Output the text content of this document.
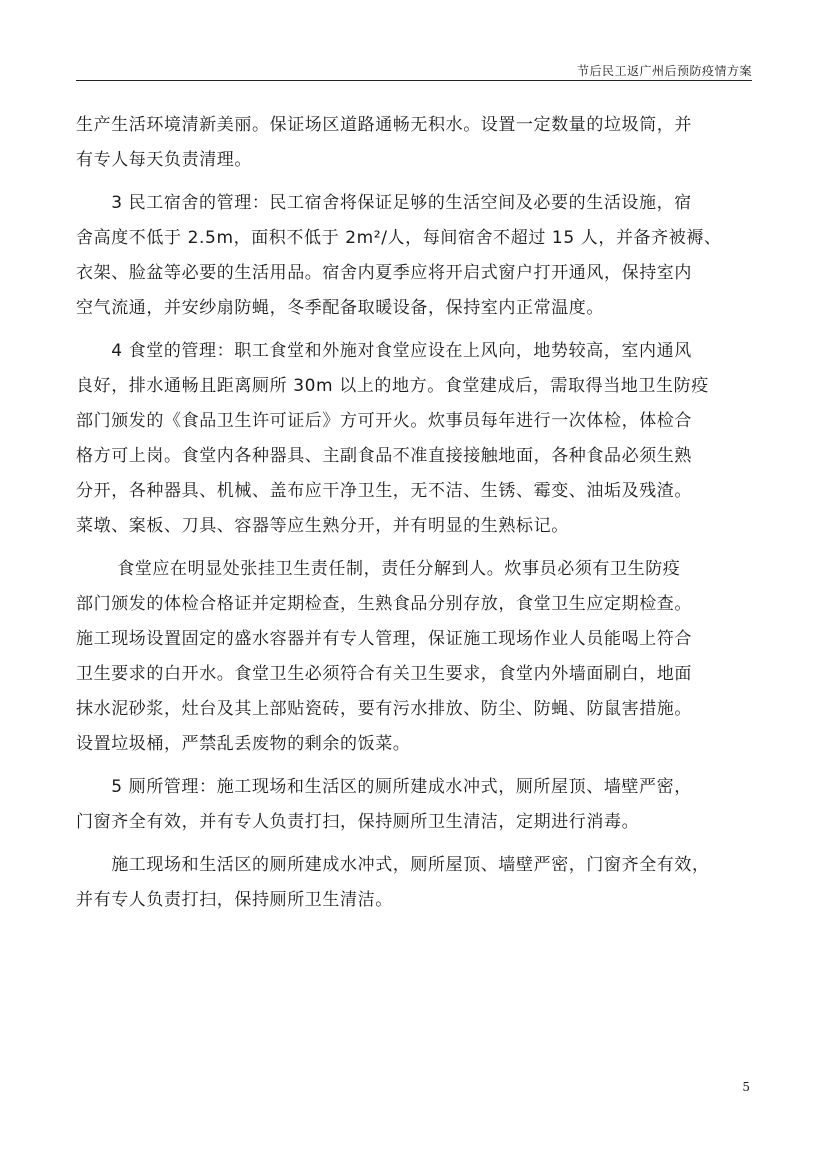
节后民工返广州后预防疫情方案
生产生活环境清新美丽。保证场区道路通畅无积水。设置一定数量的垃圾筒，并
有专人每天负责清理。
　　3 民工宿舍的管理：民工宿舍将保证足够的生活空间及必要的生活设施，宿
舍高度不低于 2.5m，面积不低于 2m²/人，每间宿舍不超过 15 人，并备齐被褥、
衣架、脸盆等必要的生活用品。宿舍内夏季应将开启式窗户打开通风，保持室内
空气流通，并安纱扇防蝇，冬季配备取暖设备，保持室内正常温度。
　　4 食堂的管理：职工食堂和外施对食堂应设在上风向，地势较高，室内通风
良好，排水通畅且距离厕所 30m 以上的地方。食堂建成后，需取得当地卫生防疫
部门颁发的《食品卫生许可证后》方可开火。炊事员每年进行一次体检，体检合
格方可上岗。食堂内各种器具、主副食品不准直接接触地面，各种食品必须生熟
分开，各种器具、机械、盖布应干净卫生，无不洁、生锈、霉变、油垢及残渣。
菜墩、案板、刀具、容器等应生熟分开，并有明显的生熟标记。
　　 食堂应在明显处张挂卫生责任制，责任分解到人。炊事员必须有卫生防疫
部门颁发的体检合格证并定期检查，生熟食品分别存放，食堂卫生应定期检查。
施工现场设置固定的盛水容器并有专人管理，保证施工现场作业人员能喝上符合
卫生要求的白开水。食堂卫生必须符合有关卫生要求，食堂内外墙面刷白，地面
抹水泥砂浆，灶台及其上部贴瓷砖，要有污水排放、防尘、防蝇、防鼠害措施。
设置垃圾桶，严禁乱丢废物的剩余的饭菜。
　　5 厕所管理：施工现场和生活区的厕所建成水冲式，厕所屋顶、墙壁严密，
门窗齐全有效，并有专人负责打扫，保持厕所卫生清洁，定期进行消毒。
　　施工现场和生活区的厕所建成水冲式，厕所屋顶、墙壁严密，门窗齐全有效，
并有专人负责打扫，保持厕所卫生清洁。
5
